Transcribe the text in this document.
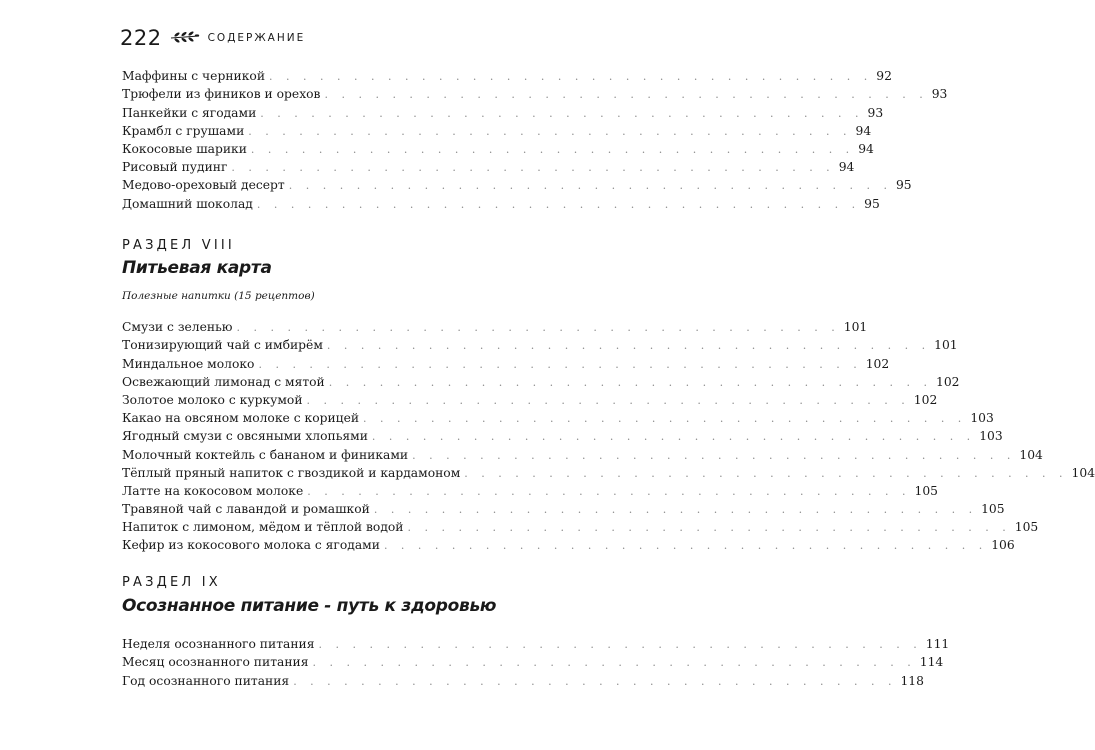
222	СОДЕРЖАНИЕ
Маффины с черникой . . . . . . . . . . . . . . . . . . . . . . . . . . . . . . . . . . . . 92
Трюфели из фиников и орехов . . . . . . . . . . . . . . . . . . . . . . . . . . . . . . . . . . . . 93
Панкейки с ягодами . . . . . . . . . . . . . . . . . . . . . . . . . . . . . . . . . . . . 93
Крамбл с грушами . . . . . . . . . . . . . . . . . . . . . . . . . . . . . . . . . . . . 94
Кокосовые шарики . . . . . . . . . . . . . . . . . . . . . . . . . . . . . . . . . . . . 94
Рисовый пудинг . . . . . . . . . . . . . . . . . . . . . . . . . . . . . . . . . . . . 94
Медово-ореховый десерт . . . . . . . . . . . . . . . . . . . . . . . . . . . . . . . . . . . . 95
Домашний шоколад . . . . . . . . . . . . . . . . . . . . . . . . . . . . . . . . . . . . 95
РАЗДЕЛ VIII
Питьевая карта
Полезные напитки (15 рецептов)
Смузи с зеленью . . . . . . . . . . . . . . . . . . . . . . . . . . . . . . . . . . . . 101
Тонизирующий чай с имбирём . . . . . . . . . . . . . . . . . . . . . . . . . . . . . . . . . . . . 101
Миндальное молоко . . . . . . . . . . . . . . . . . . . . . . . . . . . . . . . . . . . . 102
Освежающий лимонад с мятой . . . . . . . . . . . . . . . . . . . . . . . . . . . . . . . . . . . . 102
Золотое молоко с куркумой . . . . . . . . . . . . . . . . . . . . . . . . . . . . . . . . . . . . 102
Какао на овсяном молоке с корицей . . . . . . . . . . . . . . . . . . . . . . . . . . . . . . . . . . . . 103
Ягодный смузи с овсяными хлопьями . . . . . . . . . . . . . . . . . . . . . . . . . . . . . . . . . . . . 103
Молочный коктейль с бананом и финиками . . . . . . . . . . . . . . . . . . . . . . . . . . . . . . . . . . . . 104
Тёплый пряный напиток с гвоздикой и кардамоном . . . . . . . . . . . . . . . . . . . . . . . . . . . . . . . . . . . . 104
Латте на кокосовом молоке . . . . . . . . . . . . . . . . . . . . . . . . . . . . . . . . . . . . 105
Травяной чай с лавандой и ромашкой . . . . . . . . . . . . . . . . . . . . . . . . . . . . . . . . . . . . 105
Напиток с лимоном, мёдом и тёплой водой . . . . . . . . . . . . . . . . . . . . . . . . . . . . . . . . . . . . 105
Кефир из кокосового молока с ягодами . . . . . . . . . . . . . . . . . . . . . . . . . . . . . . . . . . . . 106
РАЗДЕЛ IX
Осознанное питание - путь к здоровью
Неделя осознанного питания . . . . . . . . . . . . . . . . . . . . . . . . . . . . . . . . . . . . 111
Месяц осознанного питания . . . . . . . . . . . . . . . . . . . . . . . . . . . . . . . . . . . . 114
Год осознанного питания . . . . . . . . . . . . . . . . . . . . . . . . . . . . . . . . . . . . 118
